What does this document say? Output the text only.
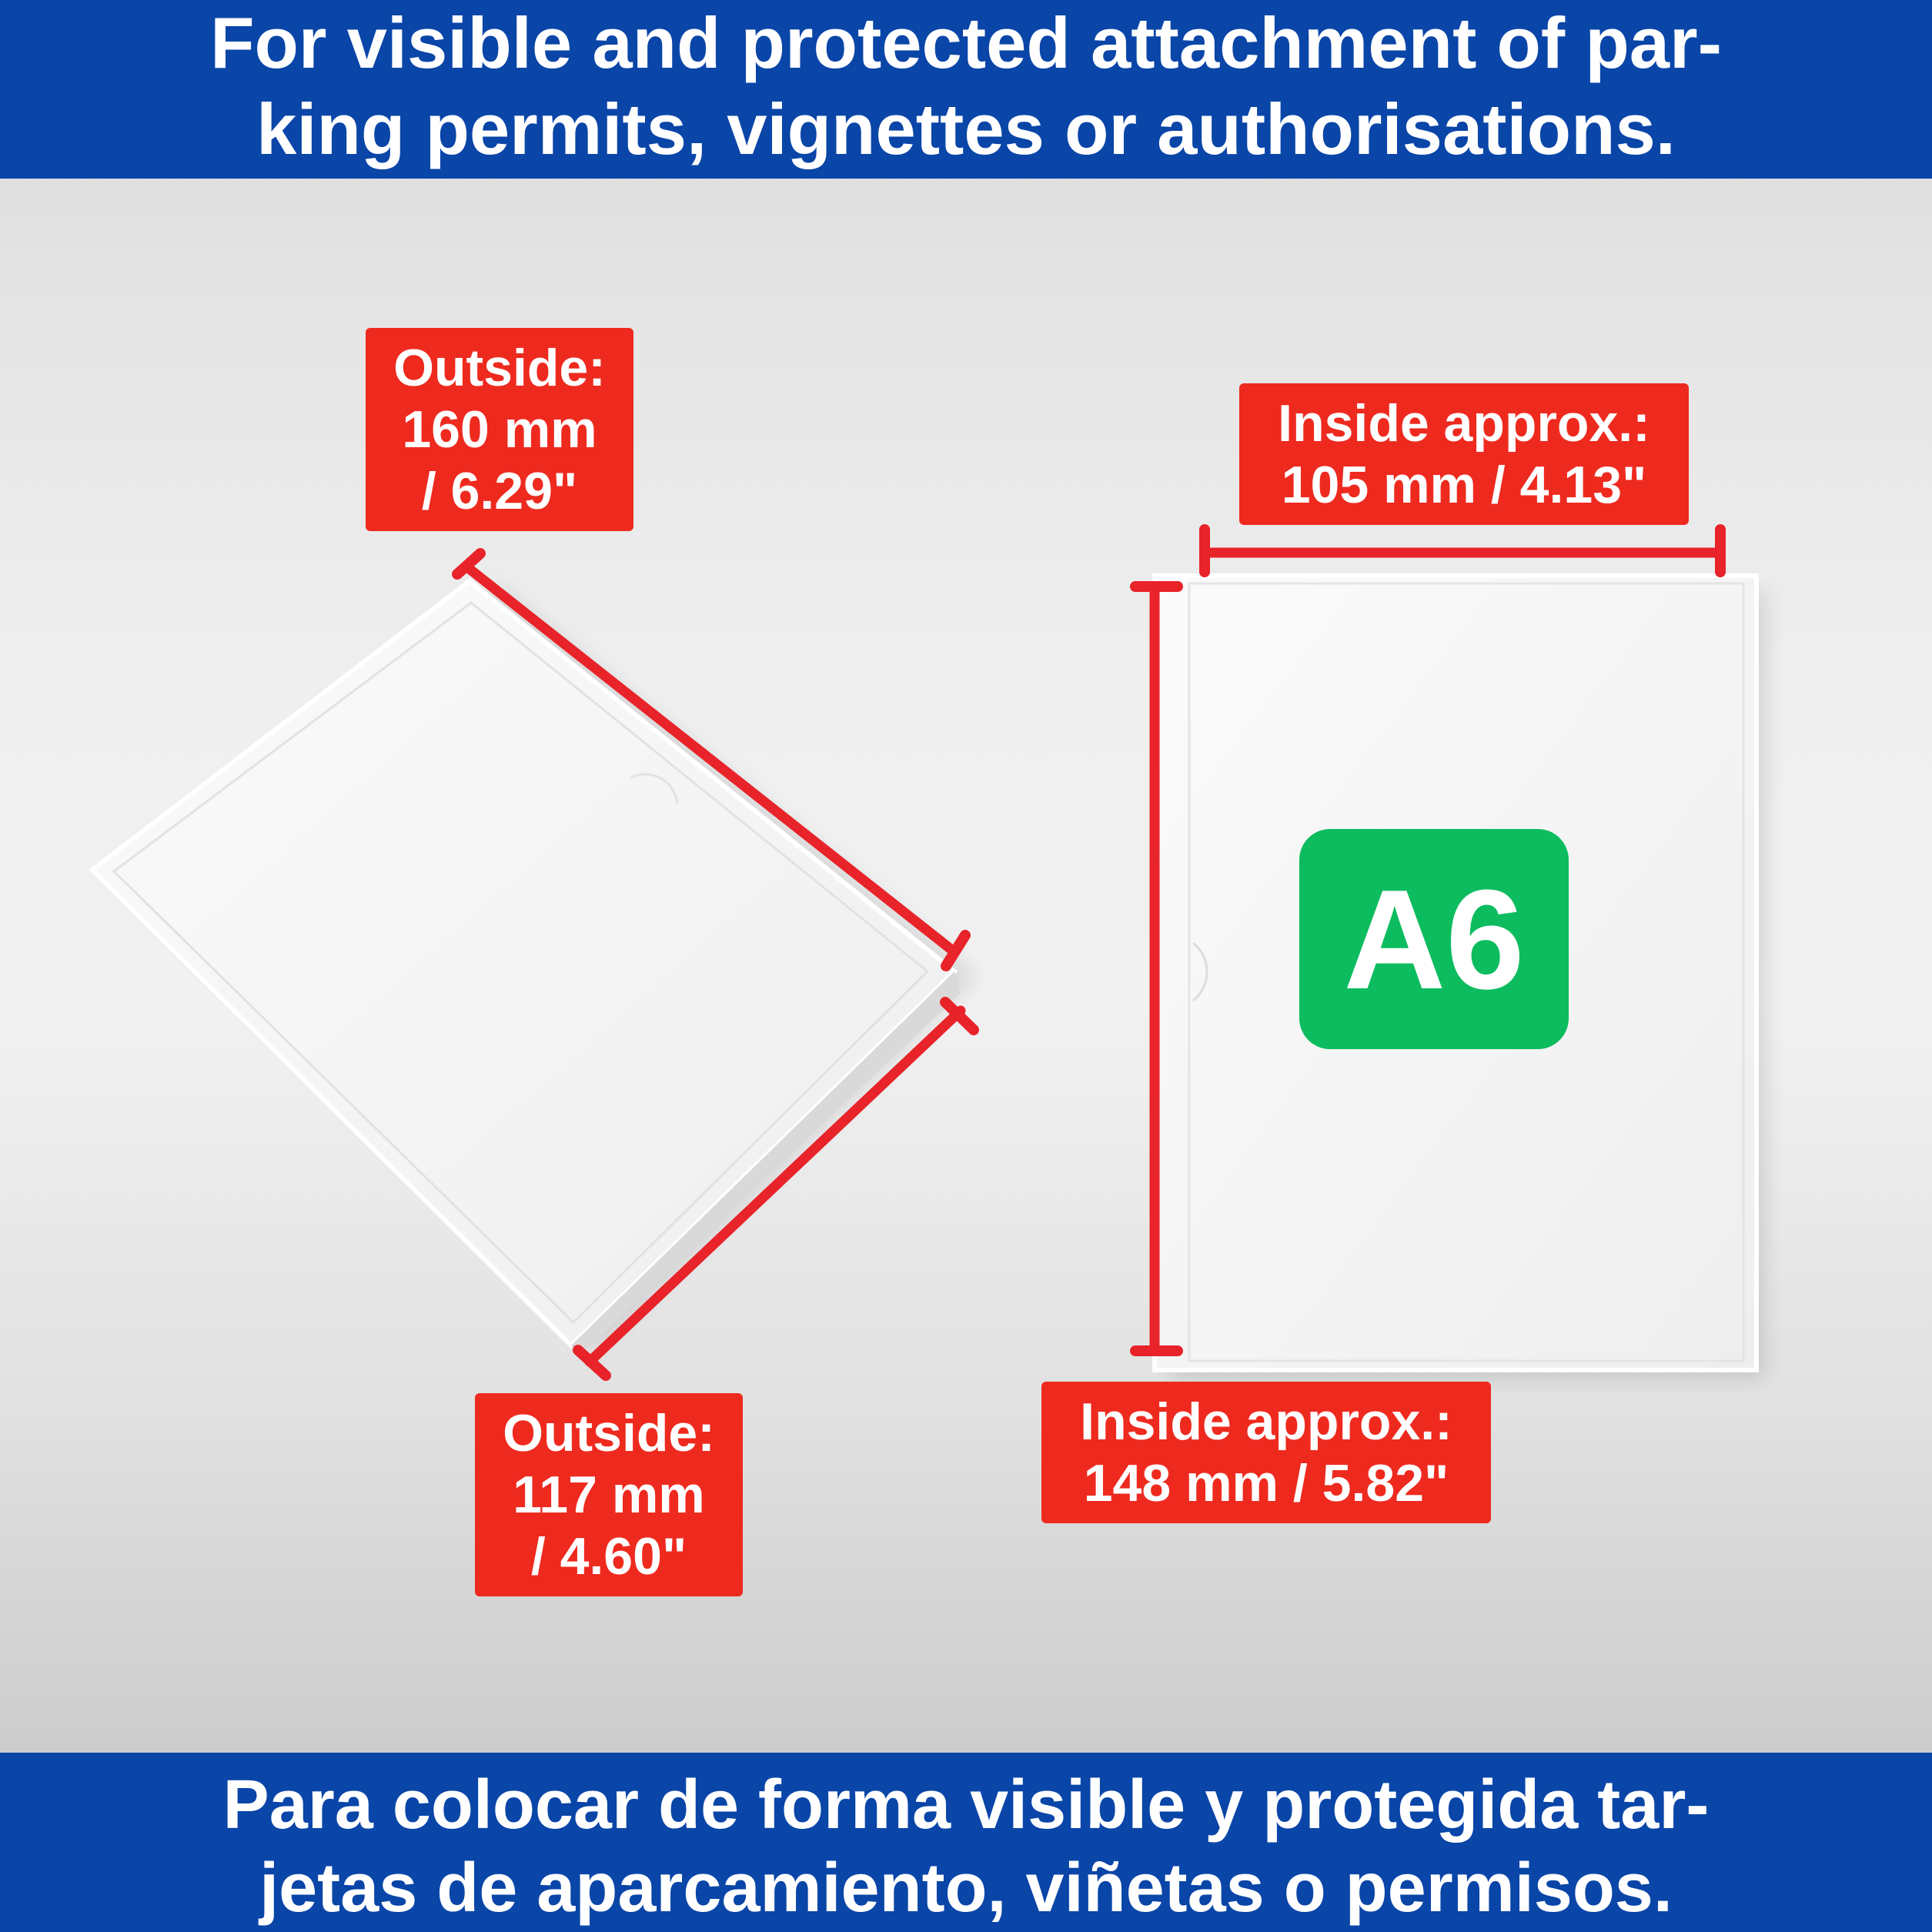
For visible and protected attachment of par-
king permits, vignettes or authorisations.
A6
Outside:
160 mm
/ 6.29"
Outside:
117 mm
/ 4.60"
Inside approx.:
105 mm / 4.13"
Inside approx.:
148 mm / 5.82"
Para colocar de forma visible y protegida tar-
jetas de aparcamiento, viñetas o permisos.
